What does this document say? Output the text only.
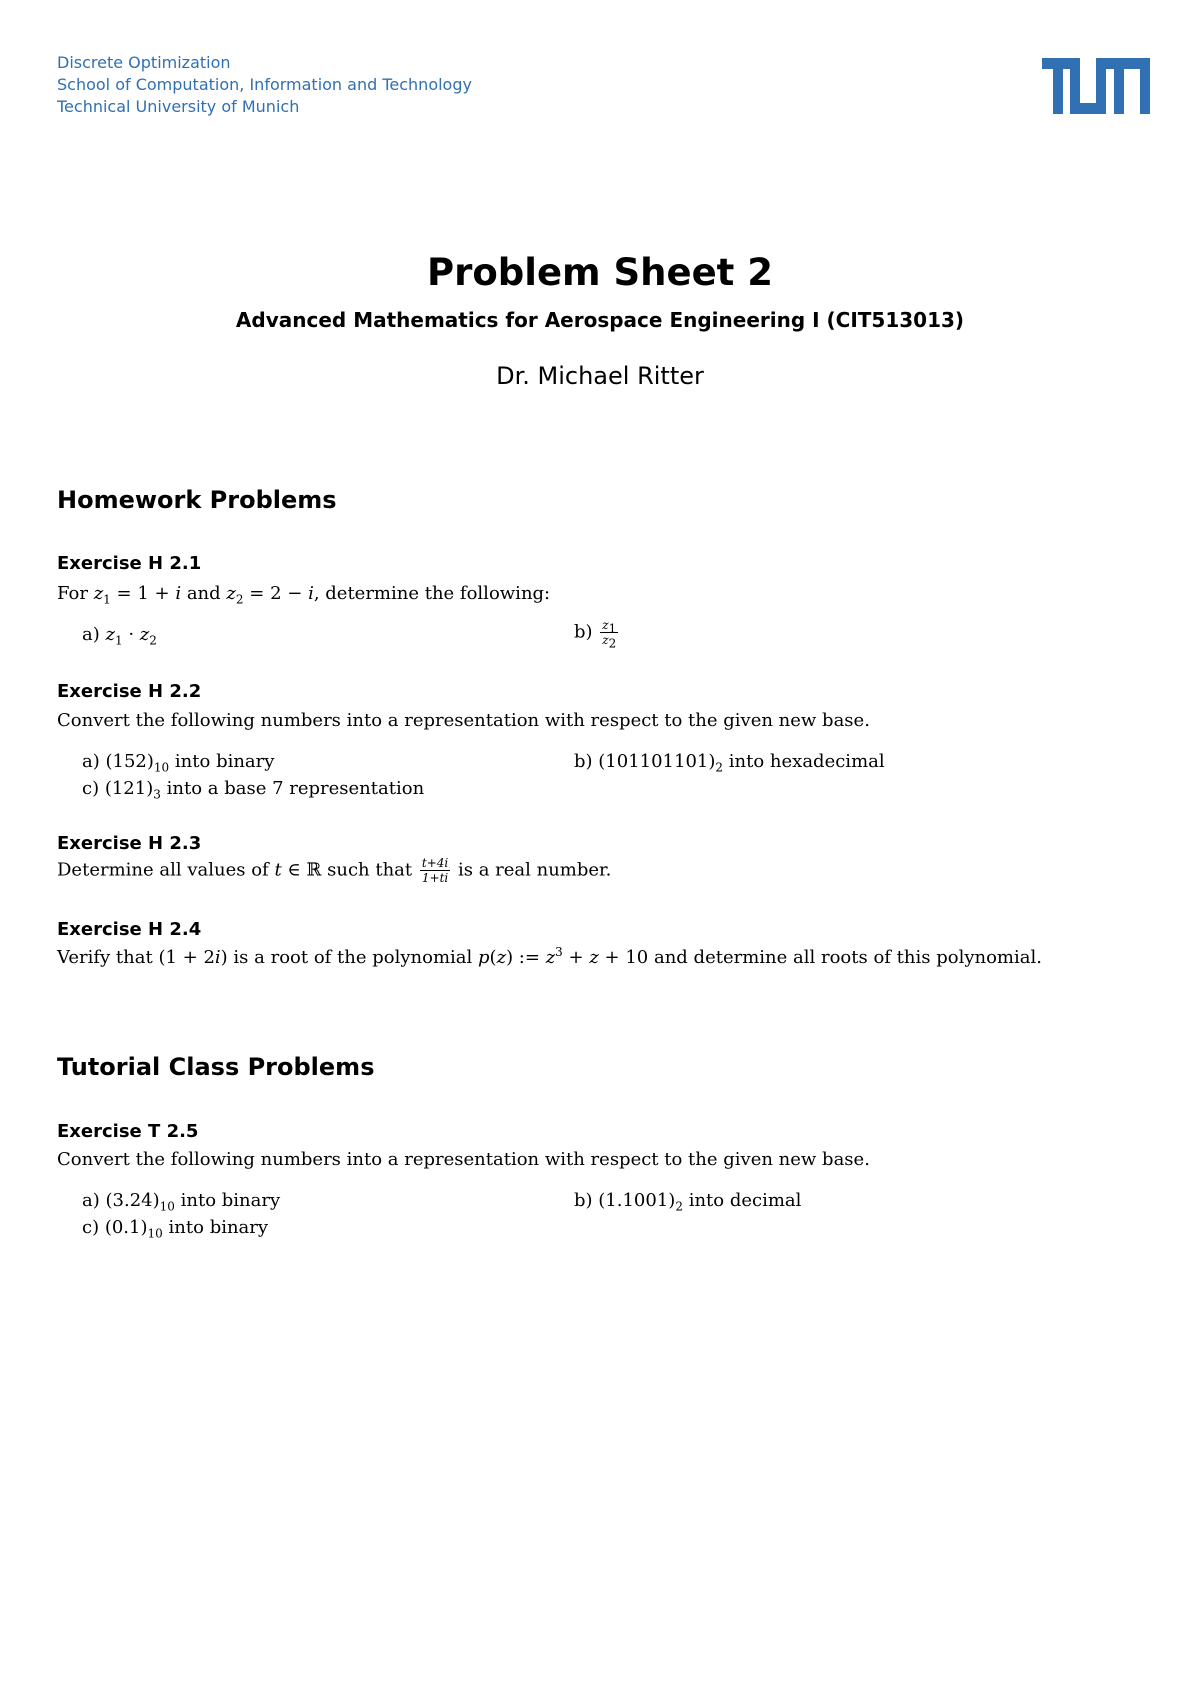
Discrete Optimization
School of Computation, Information and Technology
Technical University of Munich
Problem Sheet 2
Advanced Mathematics for Aerospace Engineering I (CIT513013)
Dr. Michael Ritter
Homework Problems
Exercise H 2.1
For $z_1 = 1 + i$ and $z_2 = 2 - i$, determine the following:
a) $z_1 \cdot z_2$	$b) \frac{z_1}{z_2}$
Exercise H 2.2
Convert the following numbers into a representation with respect to the given new base.
a) $(152)_{10}$ into binary	b) $(101101101)_2$ into hexadecimal
c) $(121)_3$ into a base 7 representation
Exercise H 2.3
Determine all values of t ∈ ℝ such that $\frac{t+4i}{1+ti}$ is a real number.
Exercise H 2.4
Verify that (1 + 2i) is a root of the polynomial p(z) := $z^3 + z + 10$ and determine all roots of this polynomial.
Tutorial Class Problems
Exercise T 2.5
Convert the following numbers into a representation with respect to the given new base.
a) $(3.24)_{10}$ into binary	b) $(1.1001)_2$ into decimal
c) $(0.1)_{10}$ into binary
